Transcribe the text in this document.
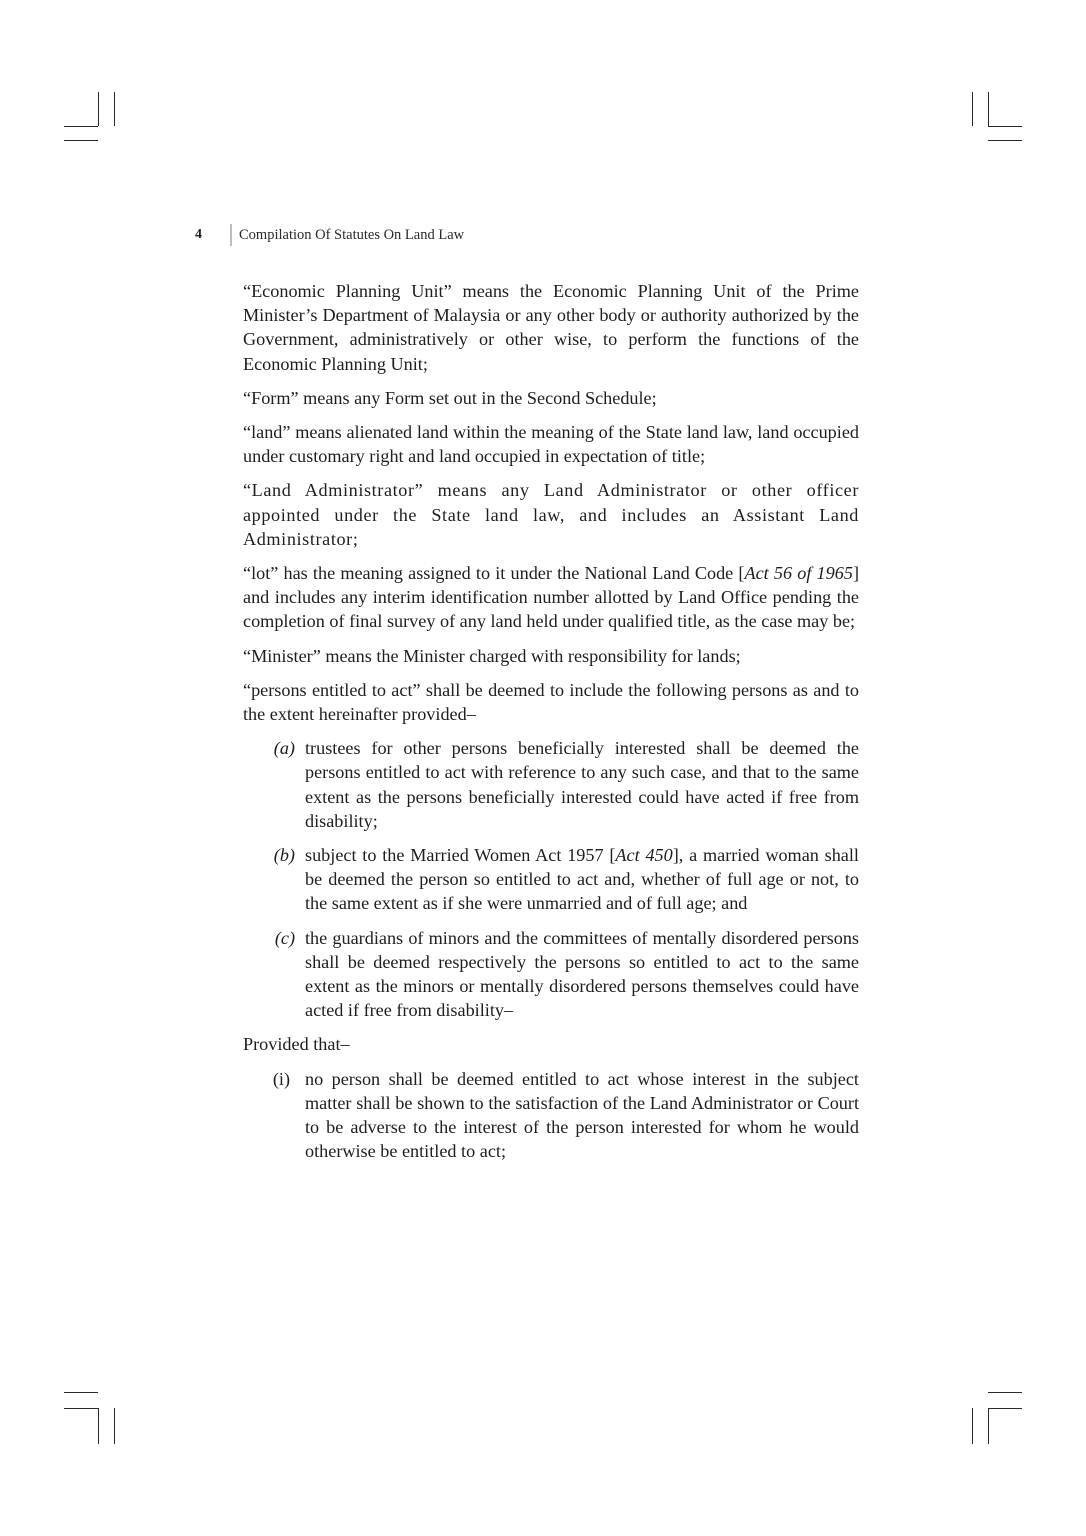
4	Compilation Of Statutes On Land Law

“Economic Planning Unit” means the Economic Planning Unit of the Prime Minister’s Department of Malaysia or any other body or authority authorized by the Government, administratively or other wise, to perform the functions of the Economic Planning Unit;

“Form” means any Form set out in the Second Schedule;

“land” means alienated land within the meaning of the State land law, land occupied under customary right and land occupied in expectation of title;

“Land Administrator” means any Land Administrator or other officer appointed under the State land law, and includes an Assistant Land Administrator;

“lot” has the meaning assigned to it under the National Land Code [Act 56 of 1965] and includes any interim identification number allotted by Land Office pending the completion of final survey of any land held under qualified title, as the case may be;

“Minister” means the Minister charged with responsibility for lands;

“persons entitled to act” shall be deemed to include the following persons as and to the extent hereinafter provided–

(a) trustees for other persons beneficially interested shall be deemed the persons entitled to act with reference to any such case, and that to the same extent as the persons beneficially interested could have acted if free from disability;
(b) subject to the Married Women Act 1957 [Act 450], a married woman shall be deemed the person so entitled to act and, whether of full age or not, to the same extent as if she were unmarried and of full age; and
(c) the guardians of minors and the committees of mentally disordered persons shall be deemed respectively the persons so entitled to act to the same extent as the minors or mentally disordered persons themselves could have acted if free from disability–

Provided that–

(i) no person shall be deemed entitled to act whose interest in the subject matter shall be shown to the satisfaction of the Land Administrator or Court to be adverse to the interest of the person interested for whom he would otherwise be entitled to act;
